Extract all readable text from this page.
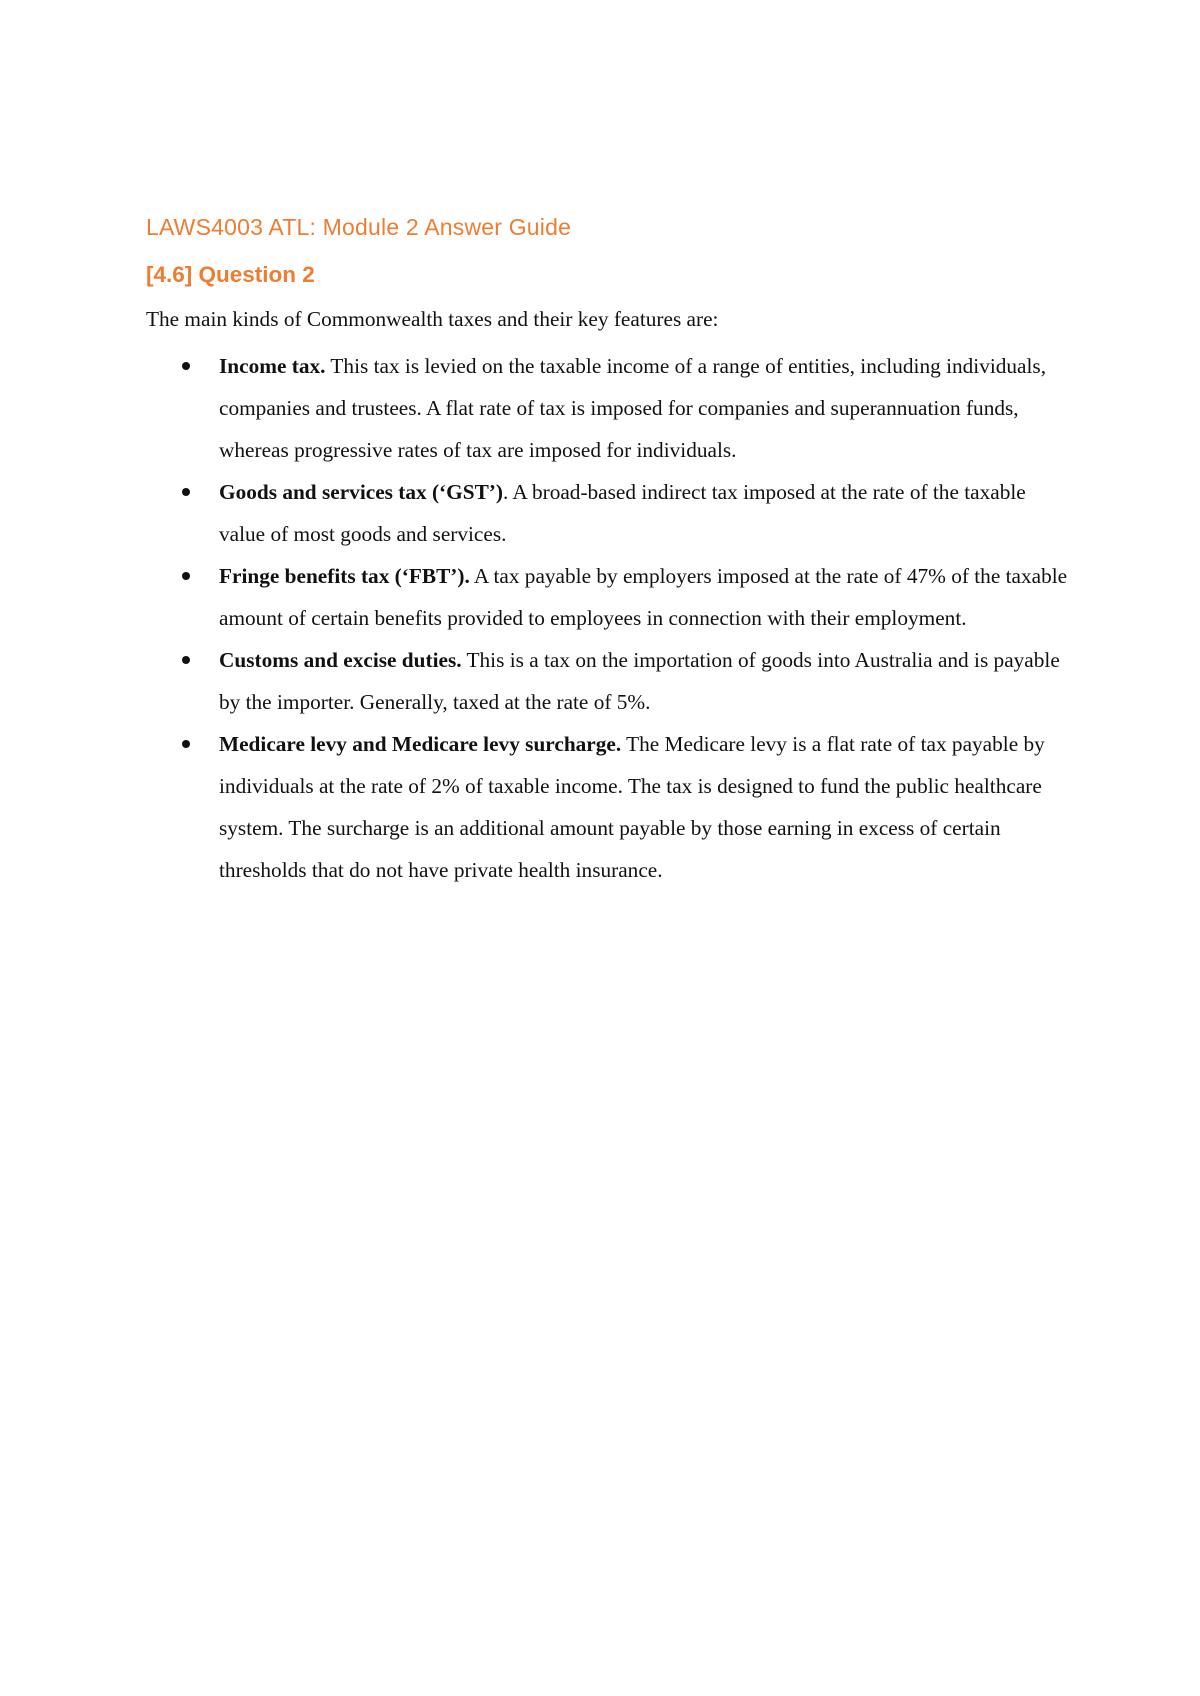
LAWS4003 ATL: Module 2 Answer Guide
[4.6] Question 2

The main kinds of Commonwealth taxes and their key features are:

Income tax. This tax is levied on the taxable income of a range of entities, including individuals, companies and trustees. A flat rate of tax is imposed for companies and superannuation funds, whereas progressive rates of tax are imposed for individuals.
Goods and services tax (‘GST’). A broad-based indirect tax imposed at the rate of the taxable value of most goods and services.
Fringe benefits tax (‘FBT’). A tax payable by employers imposed at the rate of 47% of the taxable amount of certain benefits provided to employees in connection with their employment.
Customs and excise duties. This is a tax on the importation of goods into Australia and is payable by the importer. Generally, taxed at the rate of 5%.
Medicare levy and Medicare levy surcharge. The Medicare levy is a flat rate of tax payable by individuals at the rate of 2% of taxable income. The tax is designed to fund the public healthcare system. The surcharge is an additional amount payable by those earning in excess of certain thresholds that do not have private health insurance.
